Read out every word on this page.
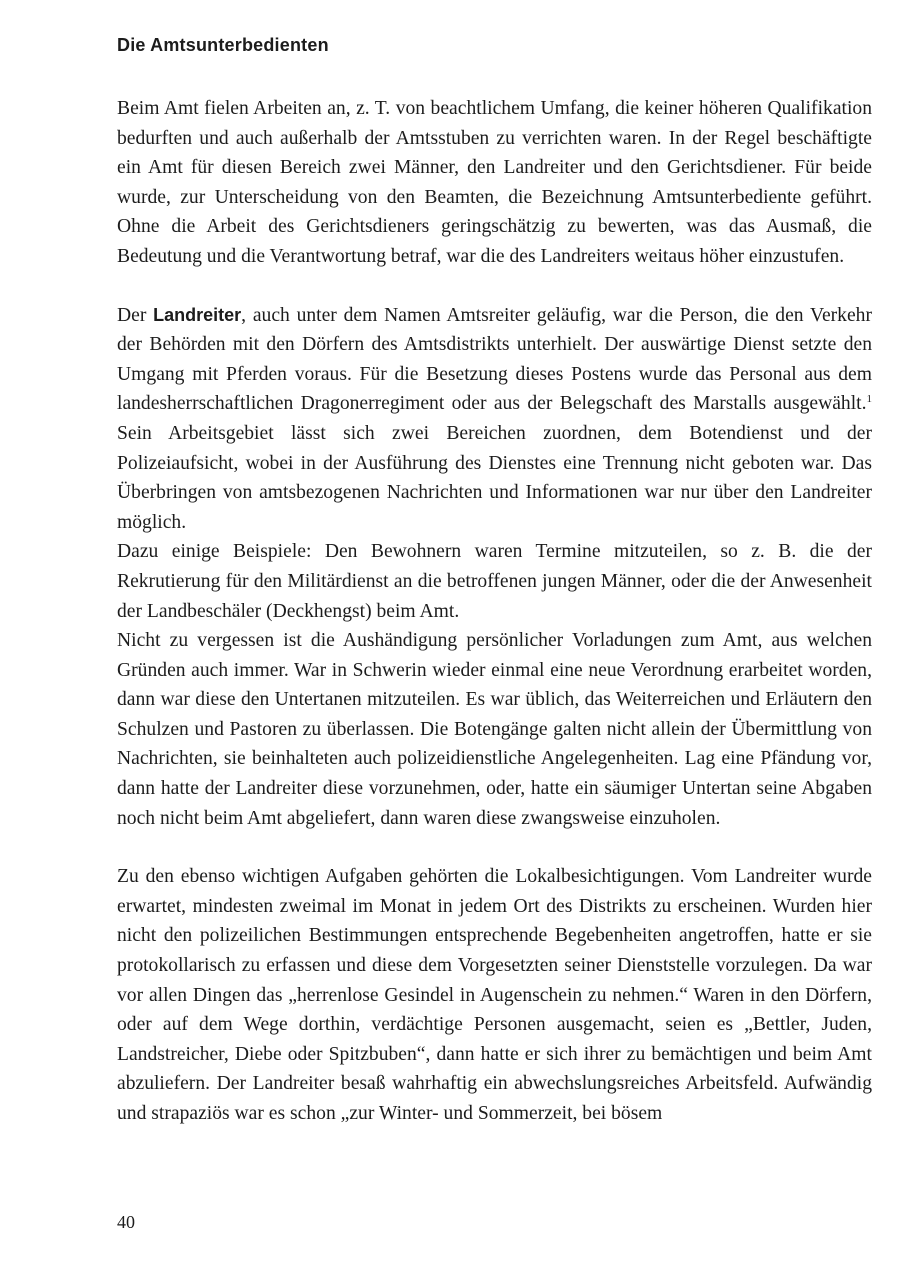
Die Amtsunterbedienten

Beim Amt fielen Arbeiten an, z. T. von beachtlichem Umfang, die keiner höheren Qualifikation bedurften und auch außerhalb der Amtsstuben zu verrichten waren. In der Regel beschäftigte ein Amt für diesen Bereich zwei Männer, den Landreiter und den Gerichtsdiener. Für beide wurde, zur Unterscheidung von den Beamten, die Bezeichnung Amtsunterbediente geführt. Ohne die Arbeit des Gerichtsdieners geringschätzig zu bewerten, was das Ausmaß, die Bedeutung und die Verantwortung betraf, war die des Landreiters weitaus höher einzustufen.

Der Landreiter, auch unter dem Namen Amtsreiter geläufig, war die Person, die den Verkehr der Behörden mit den Dörfern des Amtsdistrikts unterhielt. Der auswärtige Dienst setzte den Umgang mit Pferden voraus. Für die Besetzung dieses Postens wurde das Personal aus dem landesherrschaftlichen Dragonerregiment oder aus der Belegschaft des Marstalls ausgewählt.$^1$ Sein Arbeitsgebiet lässt sich zwei Bereichen zuordnen, dem Botendienst und der Polizeiaufsicht, wobei in der Ausführung des Dienstes eine Trennung nicht geboten war. Das Überbringen von amtsbezogenen Nachrichten und Informationen war nur über den Landreiter möglich.

Dazu einige Beispiele: Den Bewohnern waren Termine mitzuteilen, so z. B. die der Rekrutierung für den Militärdienst an die betroffenen jungen Männer, oder die der Anwesenheit der Landbeschäler (Deckhengst) beim Amt.

Nicht zu vergessen ist die Aushändigung persönlicher Vorladungen zum Amt, aus welchen Gründen auch immer. War in Schwerin wieder einmal eine neue Verordnung erarbeitet worden, dann war diese den Untertanen mitzuteilen. Es war üblich, das Weiterreichen und Erläutern den Schulzen und Pastoren zu überlassen. Die Botengänge galten nicht allein der Übermittlung von Nachrichten, sie beinhalteten auch polizeidienstliche Angelegenheiten. Lag eine Pfändung vor, dann hatte der Landreiter diese vorzunehmen, oder, hatte ein säumiger Untertan seine Abgaben noch nicht beim Amt abgeliefert, dann waren diese zwangsweise einzuholen.

Zu den ebenso wichtigen Aufgaben gehörten die Lokalbesichtigungen. Vom Landreiter wurde erwartet, mindesten zweimal im Monat in jedem Ort des Distrikts zu erscheinen. Wurden hier nicht den polizeilichen Bestimmungen entsprechende Begebenheiten angetroffen, hatte er sie protokollarisch zu erfassen und diese dem Vorgesetzten seiner Dienststelle vorzulegen. Da war vor allen Dingen das „herrenlose Gesindel in Augenschein zu nehmen.“ Waren in den Dörfern, oder auf dem Wege dorthin, verdächtige Personen ausgemacht, seien es „Bettler, Juden, Landstreicher, Diebe oder Spitzbuben“, dann hatte er sich ihrer zu bemächtigen und beim Amt abzuliefern. Der Landreiter besaß wahrhaftig ein abwechslungsreiches Arbeitsfeld. Aufwändig und strapaziös war es schon „zur Winter- und Sommerzeit, bei bösem

40
